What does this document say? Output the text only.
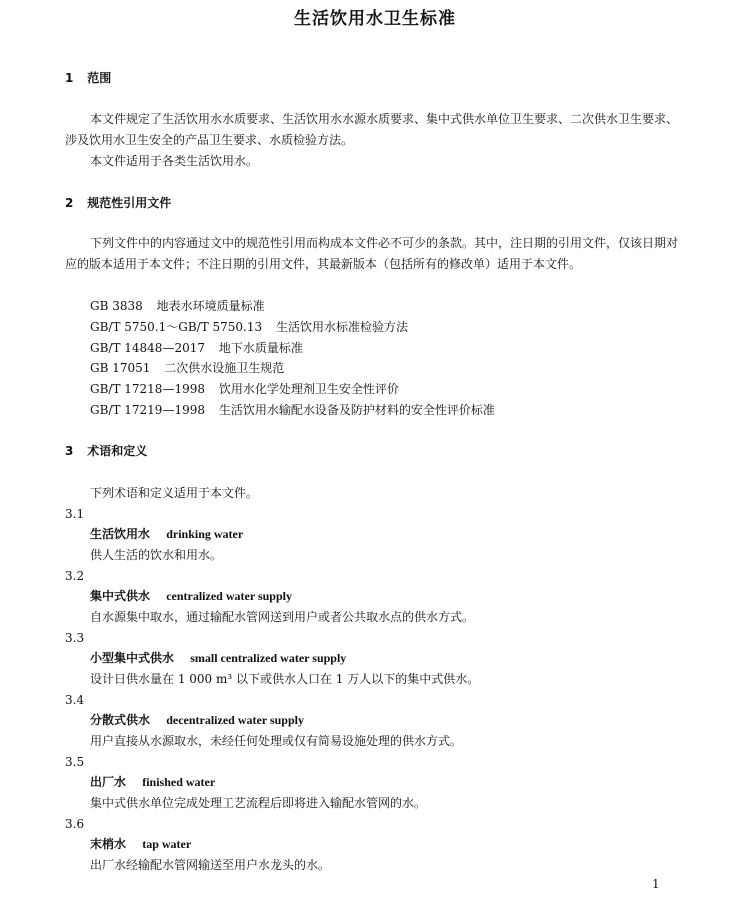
生活饮用水卫生标准
1 范围
本文件规定了生活饮用水水质要求、生活饮用水水源水质要求、集中式供水单位卫生要求、二次供水卫生要求、涉及饮用水卫生安全的产品卫生要求、水质检验方法。
本文件适用于各类生活饮用水。
2 规范性引用文件
下列文件中的内容通过文中的规范性引用而构成本文件必不可少的条款。其中，注日期的引用文件，仅该日期对应的版本适用于本文件；不注日期的引用文件，其最新版本（包括所有的修改单）适用于本文件。
GB 3838 地表水环境质量标准
GB/T 5750.1～GB/T 5750.13 生活饮用水标准检验方法
GB/T 14848—2017 地下水质量标准
GB 17051 二次供水设施卫生规范
GB/T 17218—1998 饮用水化学处理剂卫生安全性评价
GB/T 17219—1998 生活饮用水输配水设备及防护材料的安全性评价标准
3 术语和定义
下列术语和定义适用于本文件。
3.1
生活饮用水 drinking water
供人生活的饮水和用水。
3.2
集中式供水 centralized water supply
自水源集中取水，通过输配水管网送到用户或者公共取水点的供水方式。
3.3
小型集中式供水 small centralized water supply
设计日供水量在 1 000 m³ 以下或供水人口在 1 万人以下的集中式供水。
3.4
分散式供水 decentralized water supply
用户直接从水源取水，未经任何处理或仅有简易设施处理的供水方式。
3.5
出厂水 finished water
集中式供水单位完成处理工艺流程后即将进入输配水管网的水。
3.6
末梢水 tap water
出厂水经输配水管网输送至用户水龙头的水。
1
